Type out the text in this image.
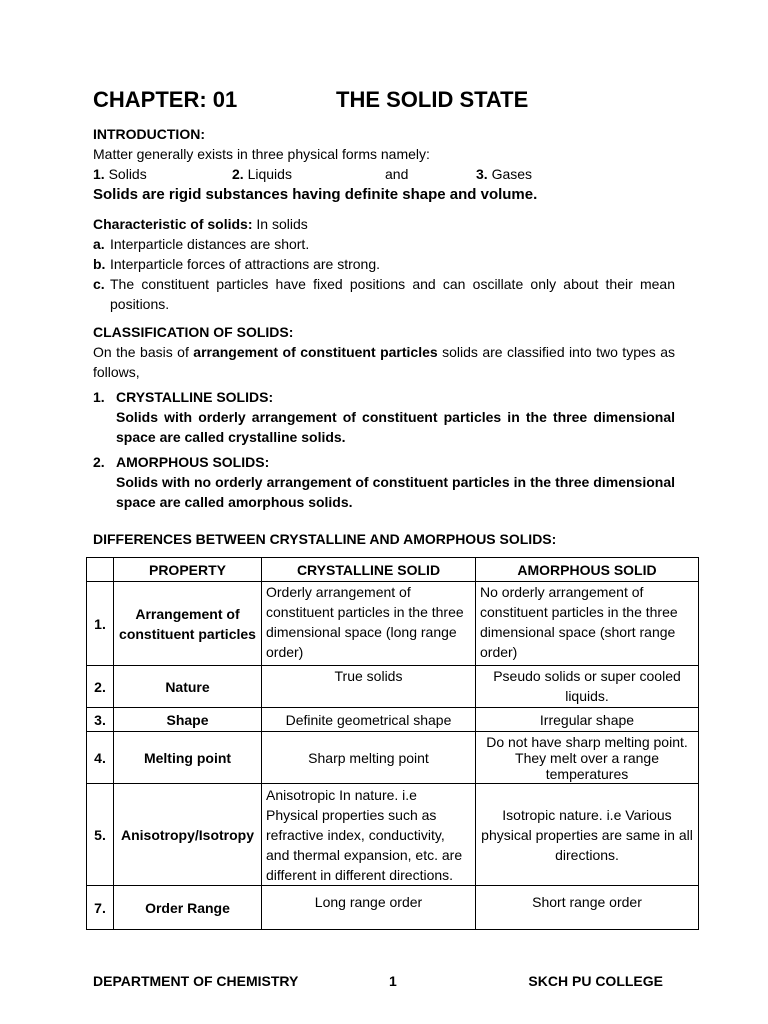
CHAPTER: 01	THE SOLID STATE
INTRODUCTION:
Matter generally exists in three physical forms namely:
1. Solids	2. Liquids	and	3. Gases
Solids are rigid substances having definite shape and volume.
Characteristic of solids: In solids
a. Interparticle distances are short.
b. Interparticle forces of attractions are strong.
c. The constituent particles have fixed positions and can oscillate only about their mean positions.
CLASSIFICATION OF SOLIDS:
On the basis of arrangement of constituent particles solids are classified into two types as follows,
1. CRYSTALLINE SOLIDS:
Solids with orderly arrangement of constituent particles in the three dimensional space are called crystalline solids.
2. AMORPHOUS SOLIDS:
Solids with no orderly arrangement of constituent particles in the three dimensional space are called amorphous solids.
DIFFERENCES BETWEEN CRYSTALLINE AND AMORPHOUS SOLIDS:
	PROPERTY	CRYSTALLINE SOLID	AMORPHOUS SOLID
1.	Arrangement of constituent particles	Orderly arrangement of constituent particles in the three dimensional space (long range order)	No orderly arrangement of constituent particles in the three dimensional space (short range order)
2.	Nature	True solids	Pseudo solids or super cooled liquids.
3.	Shape	Definite geometrical shape	Irregular shape
4.	Melting point	Sharp melting point	Do not have sharp melting point. They melt over a range temperatures
5.	Anisotropy/Isotropy	Anisotropic In nature. i.e Physical properties such as refractive index, conductivity, and thermal expansion, etc. are different in different directions.	Isotropic nature. i.e Various physical properties are same in all directions.
7.	Order Range	Long range order	Short range order
DEPARTMENT OF CHEMISTRY	1	SKCH PU COLLEGE
